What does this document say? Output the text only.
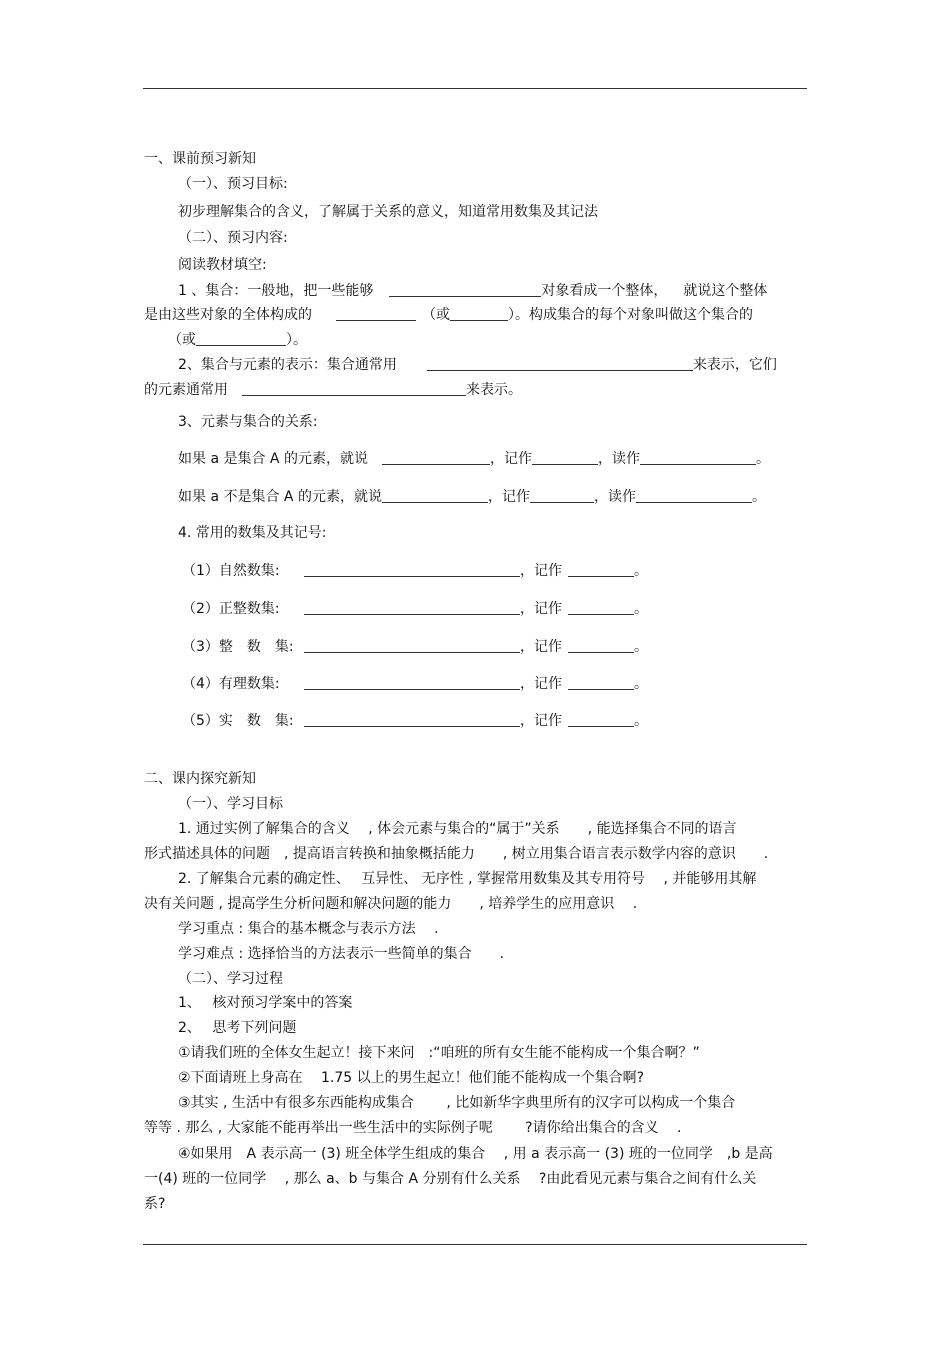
一、课前预习新知
（一）、预习目标:
初步理解集合的含义，了解属于关系的意义，知道常用数集及其记法
（二）、预习内容:
阅读教材填空:
1 、集合：一般地，把一些能够	对象看成一个整体， 就说这个整体
是由这些对象的全体构成的	（或	）。构成集合的每个对象叫做这个集合的
（或	）。
2、集合与元素的表示：集合通常用	来表示，它们
的元素通常用	来表示。
3、元素与集合的关系:
如果 a 是集合 A 的元素，就说	，记作	，读作	。
如果 a 不是集合 A 的元素，就说	，记作	，读作	。
4. 常用的数集及其记号:
（1）自然数集:	，记作	。
（2）正整数集:	，记作	。
（3）整　数　集:	，记作	。
（4）有理数集:	，记作	。
（5）实　数　集:	，记作	。
二、课内探究新知
（一）、学习目标
1. 通过实例了解集合的含义　 , 体会元素与集合的“属于”关系　　, 能选择集合不同的语言
形式描述具体的问题　, 提高语言转换和抽象概括能力　　, 树立用集合语言表示数学内容的意识　　.
2. 了解集合元素的确定性、　 互异性、 无序性 , 掌握常用数集及其专用符号　 , 并能够用其解
决有关问题 , 提高学生分析问题和解决问题的能力　　, 培养学生的应用意识　 .
学习重点 : 集合的基本概念与表示方法　 .
学习难点 : 选择恰当的方法表示一些简单的集合　　.
（二）、学习过程
1、　 核对预习学案中的答案
2、　 思考下列问题
①请我们班的全体女生起立！接下来问　:“咱班的所有女生能不能构成一个集合啊？”
②下面请班上身高在　 1.75 以上的男生起立！他们能不能构成一个集合啊?
③其实 , 生活中有很多东西能构成集合　　 , 比如新华字典里所有的汉字可以构成一个集合
等等 . 那么 , 大家能不能再举出一些生活中的实际例子呢　　 ?请你给出集合的含义　 .
④如果用　A 表示高一 (3) 班全体学生组成的集合　 , 用 a 表示高一 (3) 班的一位同学　,b 是高
一(4) 班的一位同学　 , 那么 a、b 与集合 A 分别有什么关系　 ?由此看见元素与集合之间有什么关
系?
